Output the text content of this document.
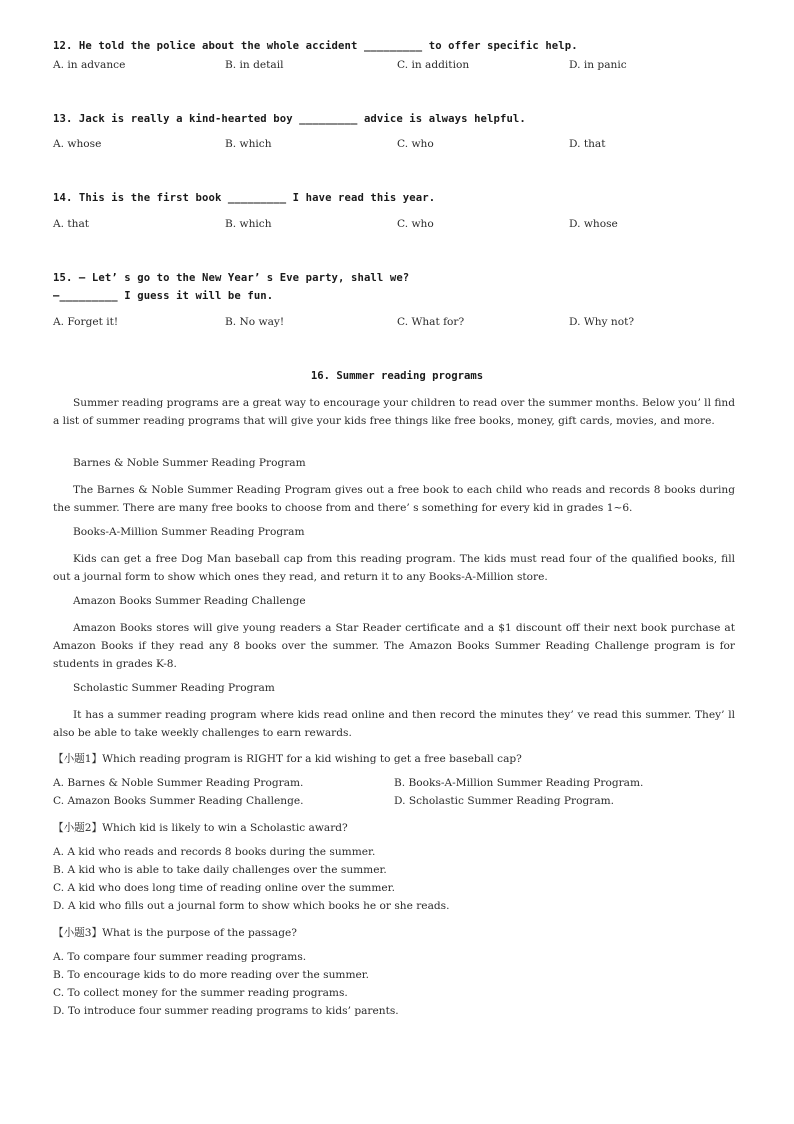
12. He told the police about the whole accident _________ to offer specific help.
A. in advance	B. in detail	C. in addition	D. in panic
13. Jack is really a kind-hearted boy _________ advice is always helpful.
A. whose	B. which	C. who	D. that
14. This is the first book _________ I have read this year.
A. that	B. which	C. who	D. whose
15. — Let’ s go to the New Year’ s Eve party, shall we?
—_________ I guess it will be fun.
A. Forget it!	B. No way!	C. What for?	D. Why not?
16. Summer reading programs
Summer reading programs are a great way to encourage your children to read over the summer months. Below you’ ll find a list of summer reading programs that will give your kids free things like free books, money, gift cards, movies, and more.
Barnes & Noble Summer Reading Program
The Barnes & Noble Summer Reading Program gives out a free book to each child who reads and records 8 books during the summer. There are many free books to choose from and there’ s something for every kid in grades 1~6.
Books-A-Million Summer Reading Program
Kids can get a free Dog Man baseball cap from this reading program. The kids must read four of the qualified books, fill out a journal form to show which ones they read, and return it to any Books-A-Million store.
Amazon Books Summer Reading Challenge
Amazon Books stores will give young readers a Star Reader certificate and a $1 discount off their next book purchase at Amazon Books if they read any 8 books over the summer. The Amazon Books Summer Reading Challenge program is for students in grades K-8.
Scholastic Summer Reading Program
It has a summer reading program where kids read online and then record the minutes they’ ve read this summer. They’ ll also be able to take weekly challenges to earn rewards.
【小题1】Which reading program is RIGHT for a kid wishing to get a free baseball cap?
A. Barnes & Noble Summer Reading Program.	B. Books-A-Million Summer Reading Program.
C. Amazon Books Summer Reading Challenge.	D. Scholastic Summer Reading Program.
【小题2】Which kid is likely to win a Scholastic award?
A. A kid who reads and records 8 books during the summer.
B. A kid who is able to take daily challenges over the summer.
C. A kid who does long time of reading online over the summer.
D. A kid who fills out a journal form to show which books he or she reads.
【小题3】What is the purpose of the passage?
A. To compare four summer reading programs.
B. To encourage kids to do more reading over the summer.
C. To collect money for the summer reading programs.
D. To introduce four summer reading programs to kids’ parents.
